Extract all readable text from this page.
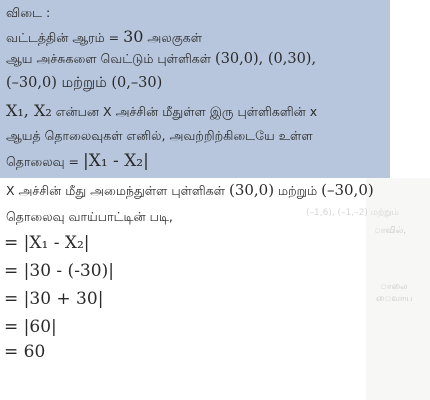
விடை :
வட்டத்தின் ஆரம் = 30 அலகுகள்
ஆய அச்சுகளை வெட்டும் புள்ளிகள் (30,0), (0,30),
(–30,0) மற்றும் (0,–30)
X₁, X₂ என்பன X அச்சின் மீதுள்ள இரு புள்ளிகளின் x
ஆயத் தொலைவுகள் எனில், அவற்றிற்கிடையே உள்ள
தொலைவு = |X₁ - X₂|
(–1,6), (–1,–2) மற்றும்
ாவில்,
ாலை
ைவாய
X அச்சின் மீது அமைந்துள்ள புள்ளிகள் (30,0) மற்றும் (–30,0)
தொலைவு வாய்பாட்டின் படி,
= |X₁ - X₂|
= |30 - (-30)|
= |30 + 30|
= |60|
= 60
